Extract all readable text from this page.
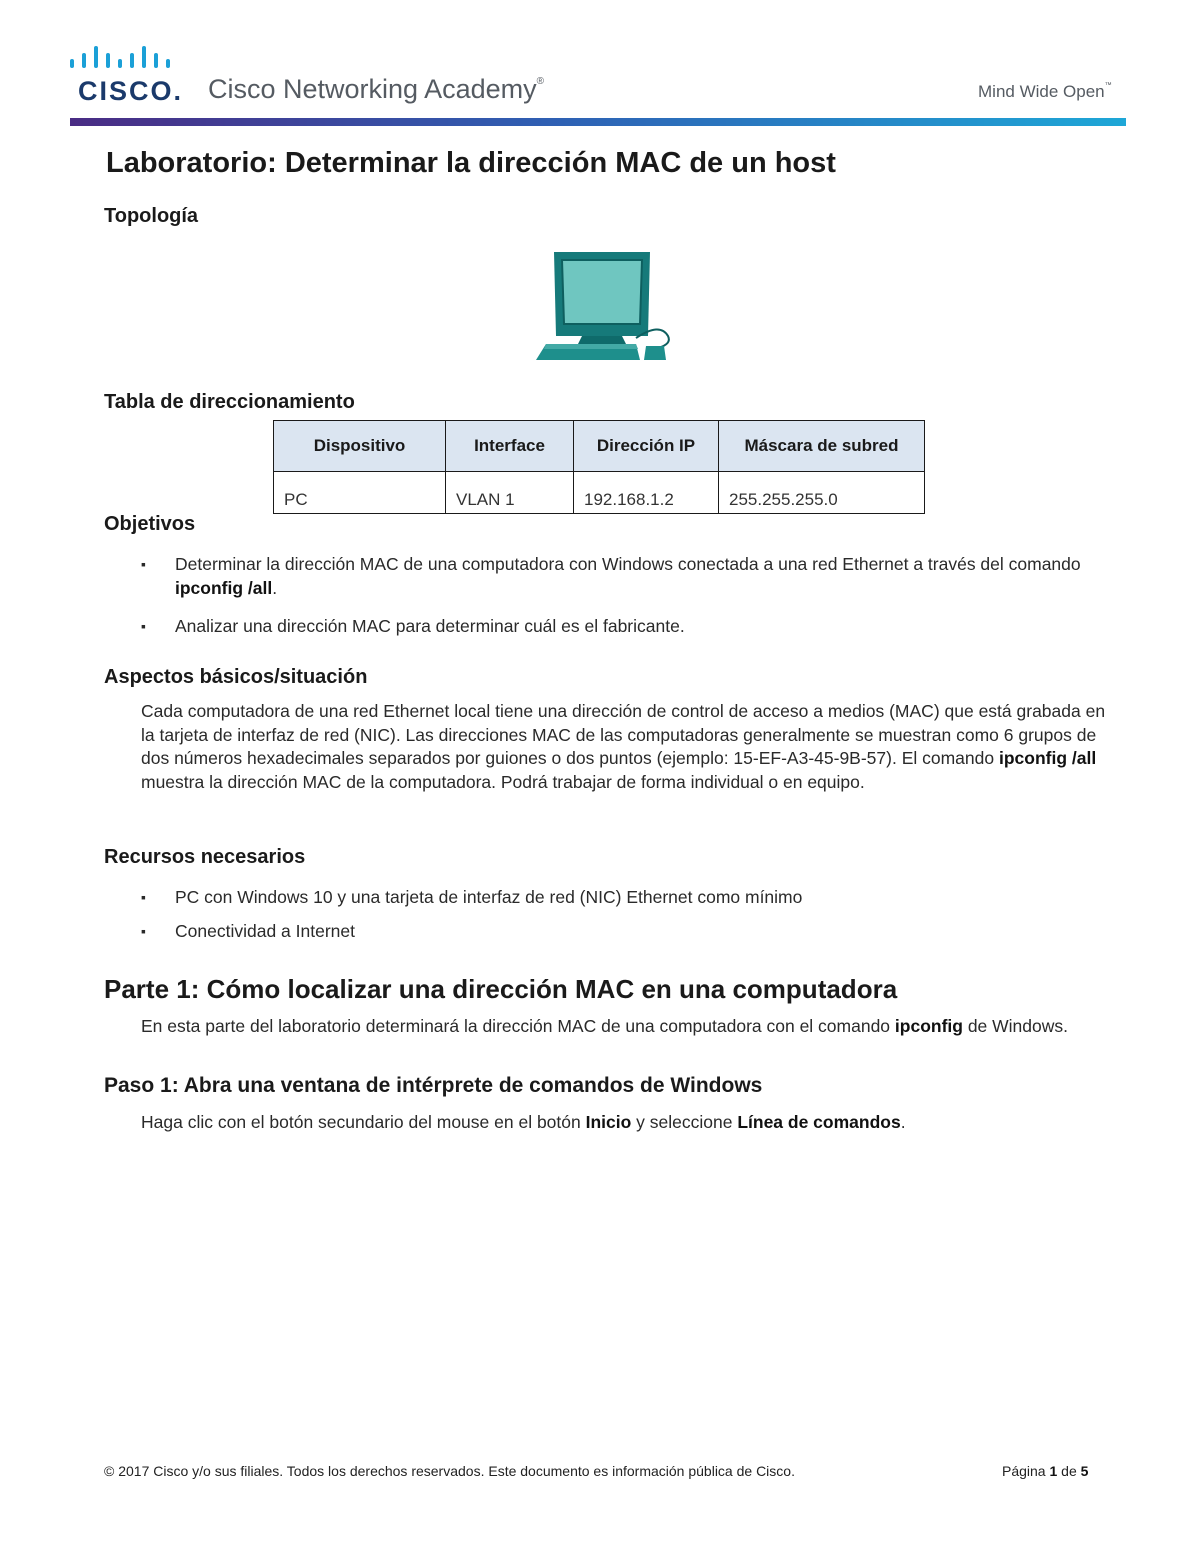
CISCO. Cisco Networking Academy®
Mind Wide Open™
Laboratorio: Determinar la dirección MAC de un host
Topología
Tabla de direccionamiento
Dispositivo	Interface	Dirección IP	Máscara de subred
PC	VLAN 1	192.168.1.2	255.255.255.0
Objetivos
▪ Determinar la dirección MAC de una computadora con Windows conectada a una red Ethernet a través del comando ipconfig /all.
▪ Analizar una dirección MAC para determinar cuál es el fabricante.
Aspectos básicos/situación
Cada computadora de una red Ethernet local tiene una dirección de control de acceso a medios (MAC) que está grabada en la tarjeta de interfaz de red (NIC). Las direcciones MAC de las computadoras generalmente se muestran como 6 grupos de dos números hexadecimales separados por guiones o dos puntos (ejemplo: 15-EF-A3-45-9B-57). El comando ipconfig /all muestra la dirección MAC de la computadora. Podrá trabajar de forma individual o en equipo.
Recursos necesarios
▪ PC con Windows 10 y una tarjeta de interfaz de red (NIC) Ethernet como mínimo
▪ Conectividad a Internet
Parte 1: Cómo localizar una dirección MAC en una computadora
En esta parte del laboratorio determinará la dirección MAC de una computadora con el comando ipconfig de Windows.
Paso 1: Abra una ventana de intérprete de comandos de Windows
Haga clic con el botón secundario del mouse en el botón Inicio y seleccione Línea de comandos.
© 2017 Cisco y/o sus filiales. Todos los derechos reservados. Este documento es información pública de Cisco.	Página 1 de 5
